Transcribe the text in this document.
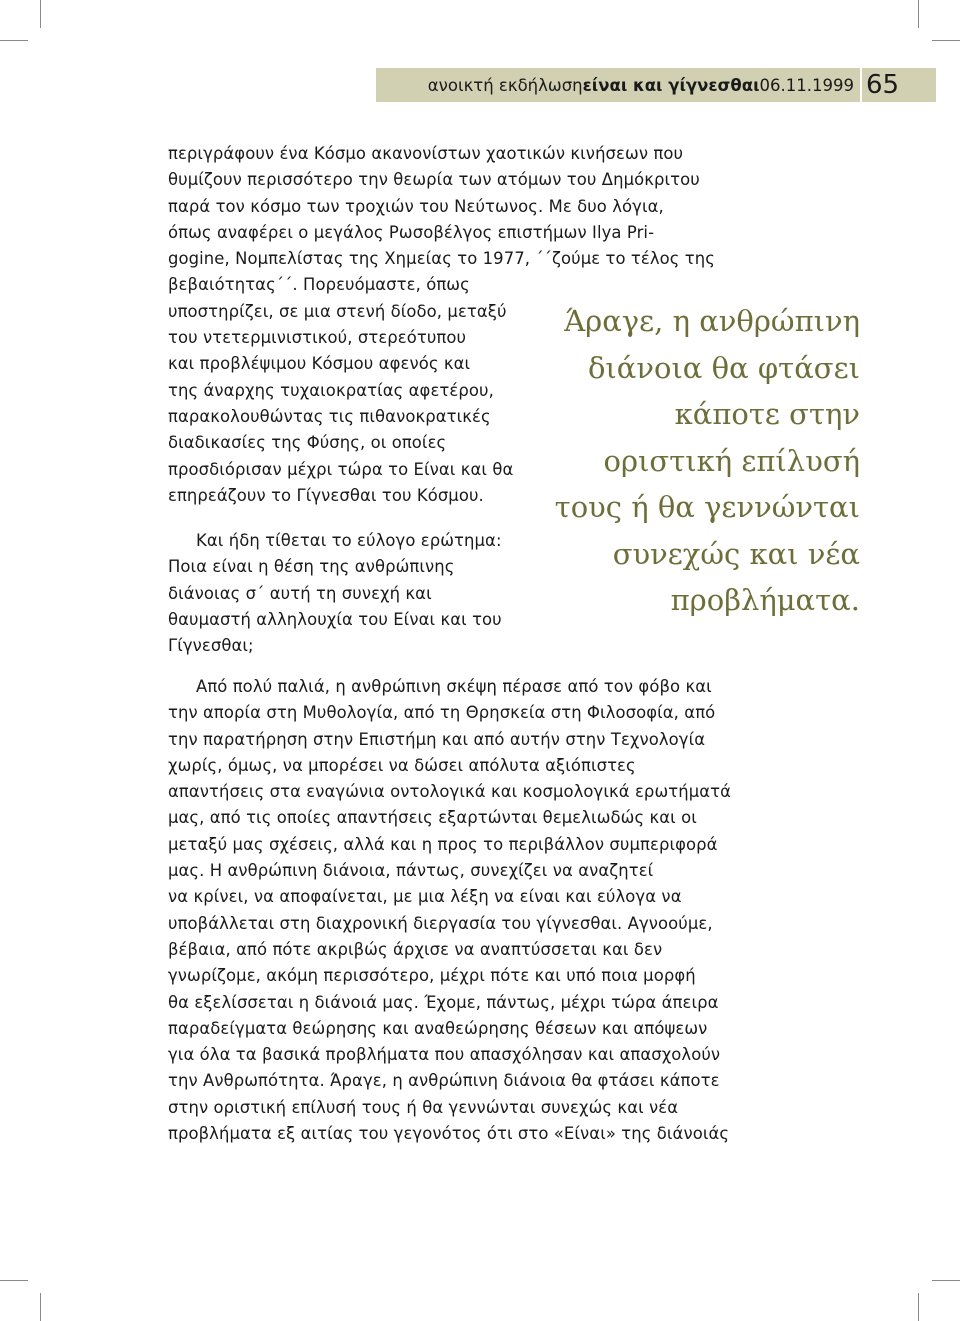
ανοικτή εκδήλωση είναι και γίγνεσθαι 06.11.1999 65
περιγράφουν ένα Κόσμο ακανονίστων χαοτικών κινήσεων που
θυμίζουν περισσότερο την θεωρία των ατόμων του Δημόκριτου
παρά τον κόσμο των τροχιών του Νεύτωνος. Με δυο λόγια,
όπως αναφέρει ο μεγάλος Ρωσοβέλγος επιστήμων Ilya Pri-
gogine, Νομπελίστας της Χημείας το 1977, ΄΄ζούμε το τέλος της
βεβαιότητας΄΄. Πορευόμαστε, όπως
υποστηρίζει, σε μια στενή δίοδο, μεταξύ
του ντετερμινιστικού, στερεότυπου
και προβλέψιμου Κόσμου αφενός και
της άναρχης τυχαιοκρατίας αφετέρου,
παρακολουθώντας τις πιθανοκρατικές
διαδικασίες της Φύσης, οι οποίες
προσδιόρισαν μέχρι τώρα το Είναι και θα
επηρεάζουν το Γίγνεσθαι του Κόσμου.
Και ήδη τίθεται το εύλογο ερώτημα:
Ποια είναι η θέση της ανθρώπινης
διάνοιας σ΄ αυτή τη συνεχή και
θαυμαστή αλληλουχία του Είναι και του
Γίγνεσθαι;
Άραγε, η ανθρώπινη
διάνοια θα φτάσει
κάποτε στην
οριστική επίλυσή
τους ή θα γεννώνται
συνεχώς και νέα
προβλήματα.
Από πολύ παλιά, η ανθρώπινη σκέψη πέρασε από τον φόβο και
την απορία στη Μυθολογία, από τη Θρησκεία στη Φιλοσοφία, από
την παρατήρηση στην Επιστήμη και από αυτήν στην Τεχνολογία
χωρίς, όμως, να μπορέσει να δώσει απόλυτα αξιόπιστες
απαντήσεις στα εναγώνια οντολογικά και κοσμολογικά ερωτήματά
μας, από τις οποίες απαντήσεις εξαρτώνται θεμελιωδώς και οι
μεταξύ μας σχέσεις, αλλά και η προς το περιβάλλον συμπεριφορά
μας. Η ανθρώπινη διάνοια, πάντως, συνεχίζει να αναζητεί
να κρίνει, να αποφαίνεται, με μια λέξη να είναι και εύλογα να
υποβάλλεται στη διαχρονική διεργασία του γίγνεσθαι. Αγνοούμε,
βέβαια, από πότε ακριβώς άρχισε να αναπτύσσεται και δεν
γνωρίζομε, ακόμη περισσότερο, μέχρι πότε και υπό ποια μορφή
θα εξελίσσεται η διάνοιά μας. Έχομε, πάντως, μέχρι τώρα άπειρα
παραδείγματα θεώρησης και αναθεώρησης θέσεων και απόψεων
για όλα τα βασικά προβλήματα που απασχόλησαν και απασχολούν
την Ανθρωπότητα. Άραγε, η ανθρώπινη διάνοια θα φτάσει κάποτε
στην οριστική επίλυσή τους ή θα γεννώνται συνεχώς και νέα
προβλήματα εξ αιτίας του γεγονότος ότι στο «Είναι» της διάνοιάς
